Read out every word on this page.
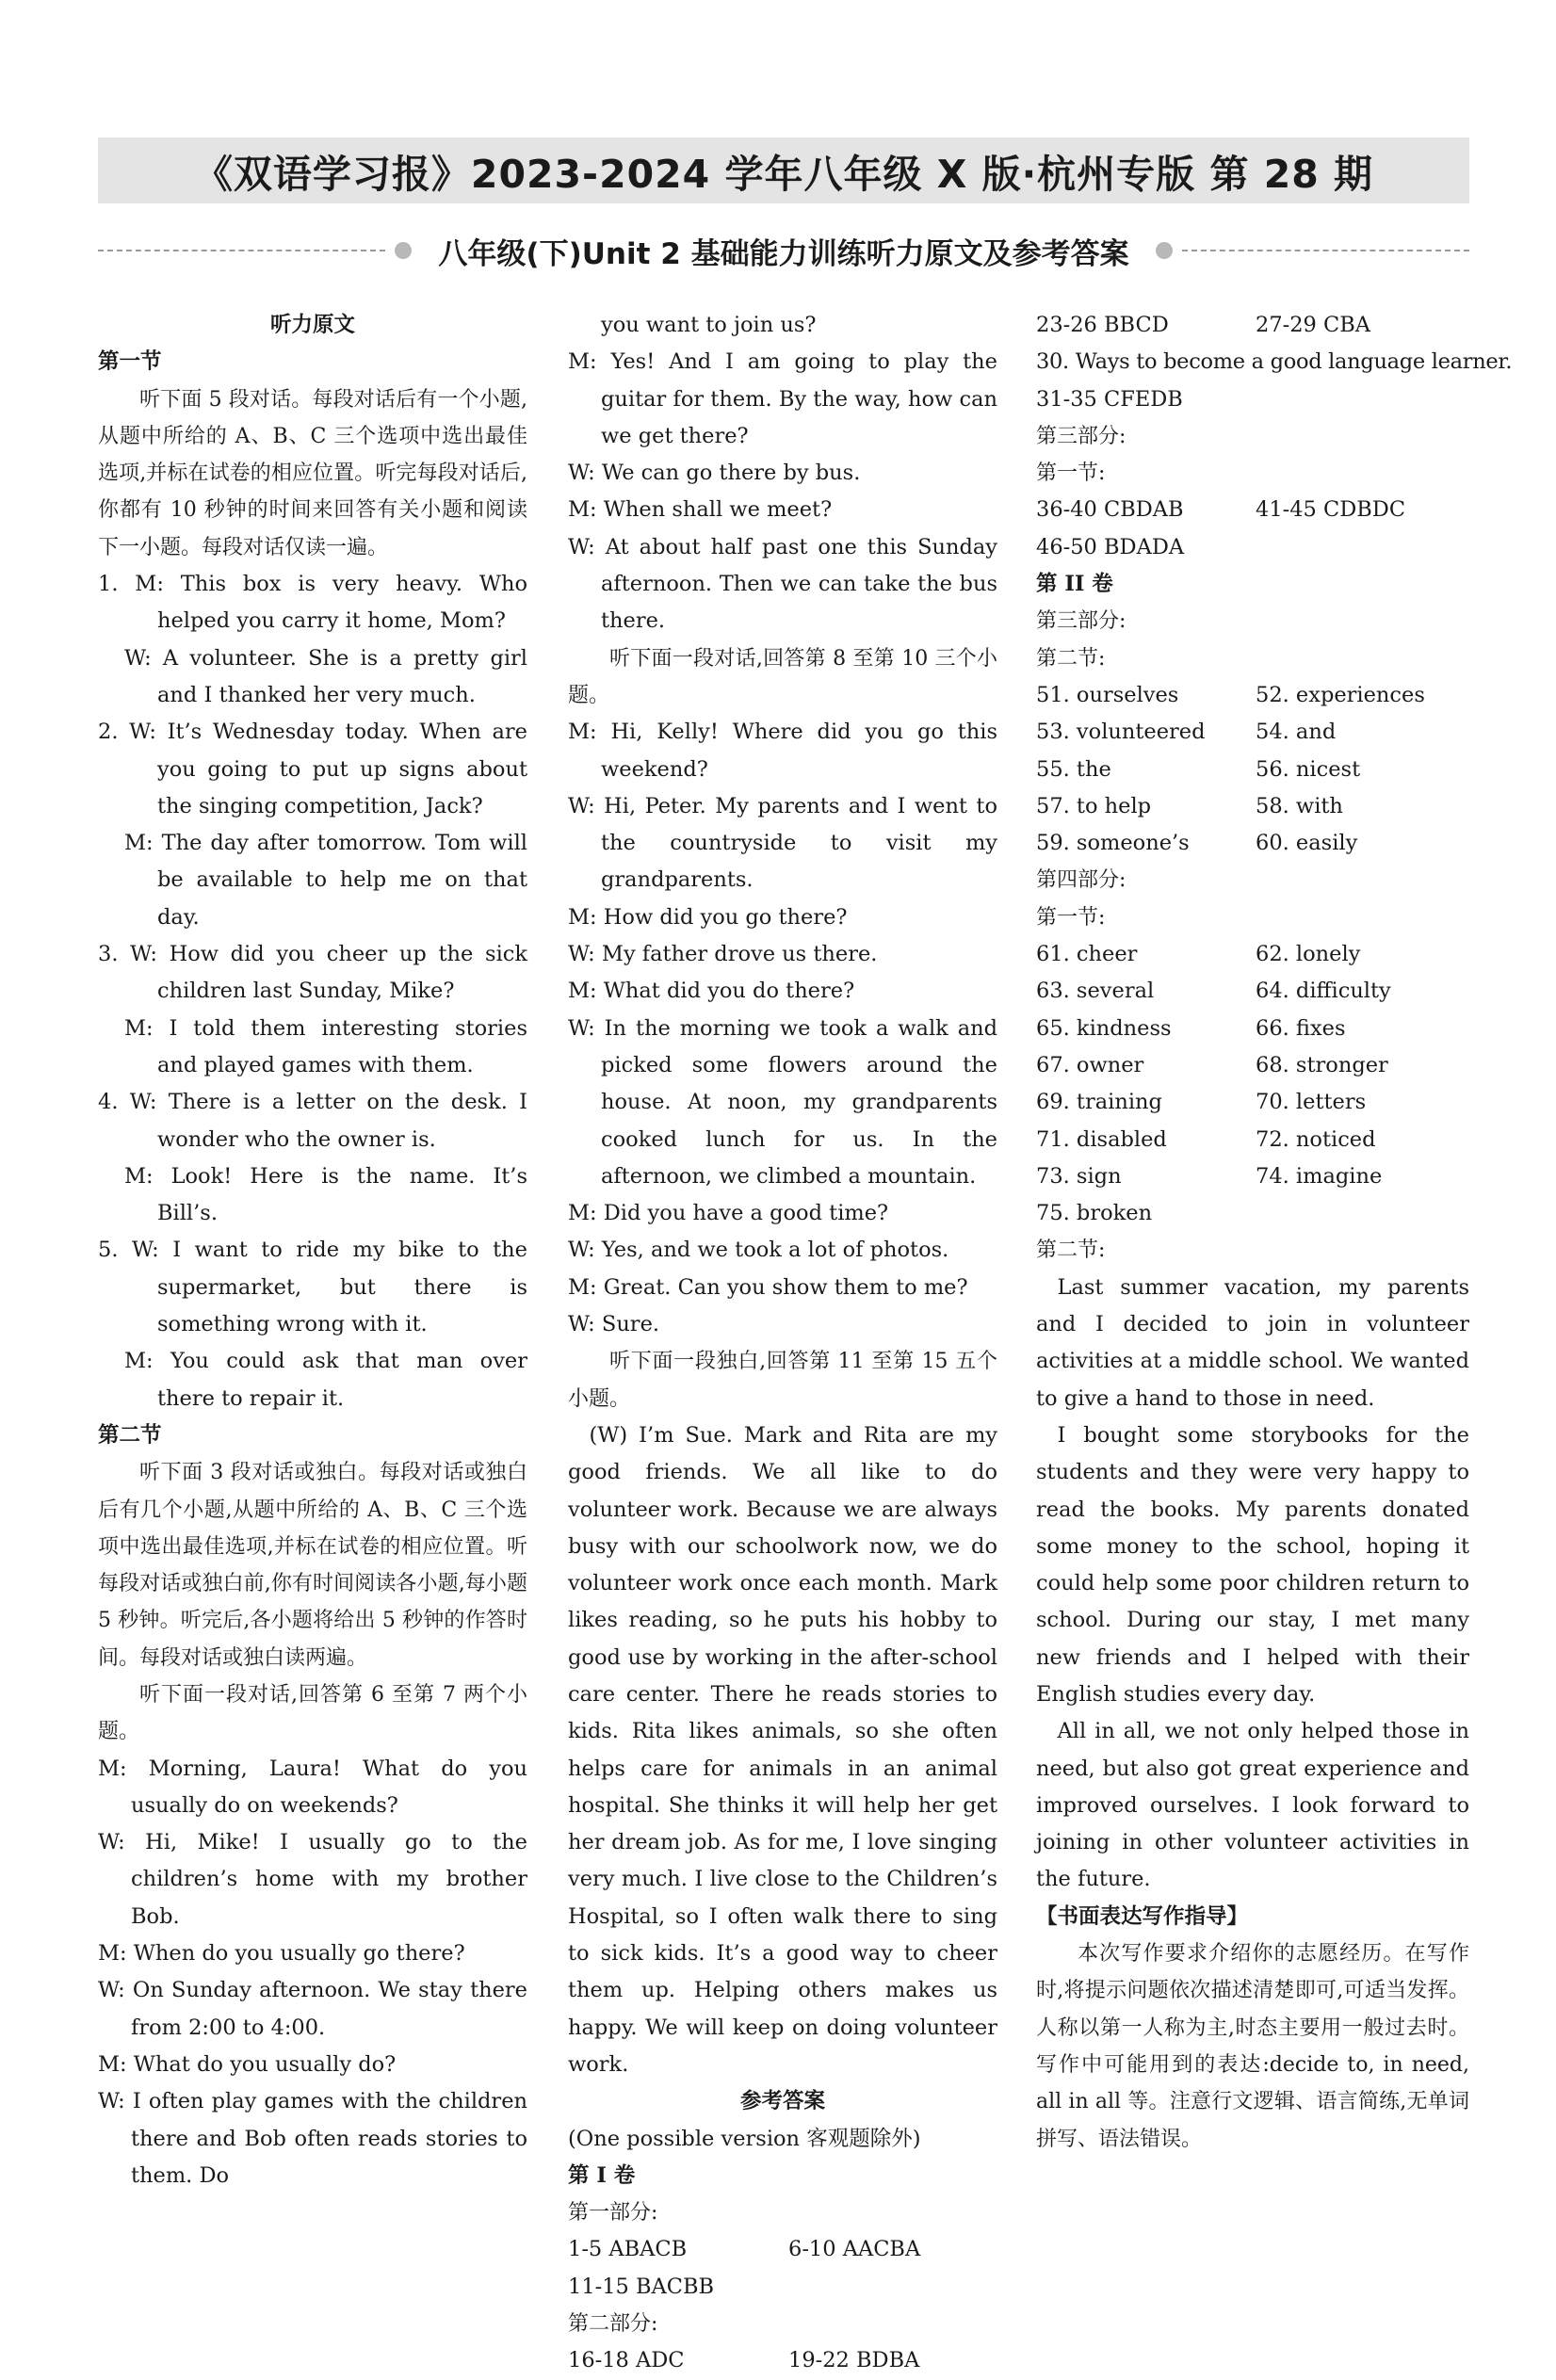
《双语学习报》2023-2024 学年八年级 X 版·杭州专版 第 28 期
八年级(下)Unit 2 基础能力训练听力原文及参考答案

听力原文

第一节

听下面 5 段对话。每段对话后有一个小题,从题中所给的 A、B、C 三个选项中选出最佳选项,并标在试卷的相应位置。听完每段对话后,你都有 10 秒钟的时间来回答有关小题和阅读下一小题。每段对话仅读一遍。

1. M: This box is very heavy. Who helped you carry it home, Mom?

W: A volunteer. She is a pretty girl and I thanked her very much.

2. W: It’s Wednesday today. When are you going to put up signs about the singing competition, Jack?

M: The day after tomorrow. Tom will be available to help me on that day.

3. W: How did you cheer up the sick children last Sunday, Mike?

M: I told them interesting stories and played games with them.

4. W: There is a letter on the desk. I wonder who the owner is.

M: Look! Here is the name. It’s Bill’s.

5. W: I want to ride my bike to the supermarket, but there is something wrong with it.

M: You could ask that man over there to repair it.

第二节

听下面 3 段对话或独白。每段对话或独白后有几个小题,从题中所给的 A、B、C 三个选项中选出最佳选项,并标在试卷的相应位置。听每段对话或独白前,你有时间阅读各小题,每小题 5 秒钟。听完后,各小题将给出 5 秒钟的作答时间。每段对话或独白读两遍。

听下面一段对话,回答第 6 至第 7 两个小题。

M: Morning, Laura! What do you usually do on weekends?

W: Hi, Mike! I usually go to the children’s home with my brother Bob.

M: When do you usually go there?

W: On Sunday afternoon. We stay there from 2:00 to 4:00.

M: What do you usually do?

W: I often play games with the children there and Bob often reads stories to them. Do

you want to join us?

M: Yes! And I am going to play the guitar for them. By the way, how can we get there?

W: We can go there by bus.

M: When shall we meet?

W: At about half past one this Sunday afternoon. Then we can take the bus there.

听下面一段对话,回答第 8 至第 10 三个小题。

M: Hi, Kelly! Where did you go this weekend?

W: Hi, Peter. My parents and I went to the countryside to visit my grandparents.

M: How did you go there?

W: My father drove us there.

M: What did you do there?

W: In the morning we took a walk and picked some flowers around the house. At noon, my grandparents cooked lunch for us. In the afternoon, we climbed a mountain.

M: Did you have a good time?

W: Yes, and we took a lot of photos.

M: Great. Can you show them to me?

W: Sure.

听下面一段独白,回答第 11 至第 15 五个小题。

(W) I’m Sue. Mark and Rita are my good friends. We all like to do volunteer work. Because we are always busy with our schoolwork now, we do volunteer work once each month. Mark likes reading, so he puts his hobby to good use by working in the after-school care center. There he reads stories to kids. Rita likes animals, so she often helps care for animals in an animal hospital. She thinks it will help her get her dream job. As for me, I love singing very much. I live close to the Children’s Hospital, so I often walk there to sing to sick kids. It’s a good way to cheer them up. Helping others makes us happy. We will keep on doing volunteer work.

参考答案

(One possible version 客观题除外)

第 I 卷

第一部分:

1-5 ABACB	6-10 AACBA

11-15 BACBB

第二部分:

16-18 ADC	19-22 BDBA
23-26 BBCD	27-29 CBA

30. Ways to become a good language learner.

31-35 CFEDB

第三部分:

第一节:

36-40 CBDAB	41-45 CDBDC

46-50 BDADA

第 II 卷

第三部分:

第二节:

51. ourselves	52. experiences
53. volunteered	54. and
55. the	56. nicest
57. to help	58. with
59. someone’s	60. easily

第四部分:

第一节:

61. cheer	62. lonely
63. several	64. difficulty
65. kindness	66. fixes
67. owner	68. stronger
69. training	70. letters
71. disabled	72. noticed
73. sign	74. imagine

75. broken

第二节:

Last summer vacation, my parents and I decided to join in volunteer activities at a middle school. We wanted to give a hand to those in need.

I bought some storybooks for the students and they were very happy to read the books. My parents donated some money to the school, hoping it could help some poor children return to school. During our stay, I met many new friends and I helped with their English studies every day.

All in all, we not only helped those in need, but also got great experience and improved ourselves. I look forward to joining in other volunteer activities in the future.

【书面表达写作指导】

本次写作要求介绍你的志愿经历。在写作时,将提示问题依次描述清楚即可,可适当发挥。人称以第一人称为主,时态主要用一般过去时。写作中可能用到的表达:decide to, in need, all in all 等。注意行文逻辑、语言简练,无单词拼写、语法错误。
